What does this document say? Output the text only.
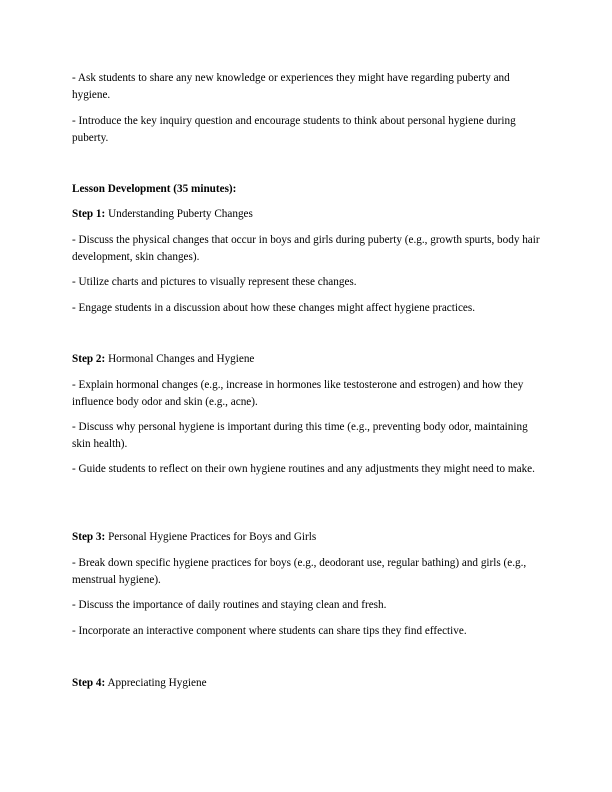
- Ask students to share any new knowledge or experiences they might have regarding puberty and hygiene.

- Introduce the key inquiry question and encourage students to think about personal hygiene during puberty.

Lesson Development (35 minutes):

Step 1: Understanding Puberty Changes

- Discuss the physical changes that occur in boys and girls during puberty (e.g., growth spurts, body hair development, skin changes).

- Utilize charts and pictures to visually represent these changes.

- Engage students in a discussion about how these changes might affect hygiene practices.

Step 2: Hormonal Changes and Hygiene

- Explain hormonal changes (e.g., increase in hormones like testosterone and estrogen) and how they influence body odor and skin (e.g., acne).

- Discuss why personal hygiene is important during this time (e.g., preventing body odor, maintaining skin health).

- Guide students to reflect on their own hygiene routines and any adjustments they might need to make.

Step 3: Personal Hygiene Practices for Boys and Girls

- Break down specific hygiene practices for boys (e.g., deodorant use, regular bathing) and girls (e.g., menstrual hygiene).

- Discuss the importance of daily routines and staying clean and fresh.

- Incorporate an interactive component where students can share tips they find effective.

Step 4: Appreciating Hygiene
